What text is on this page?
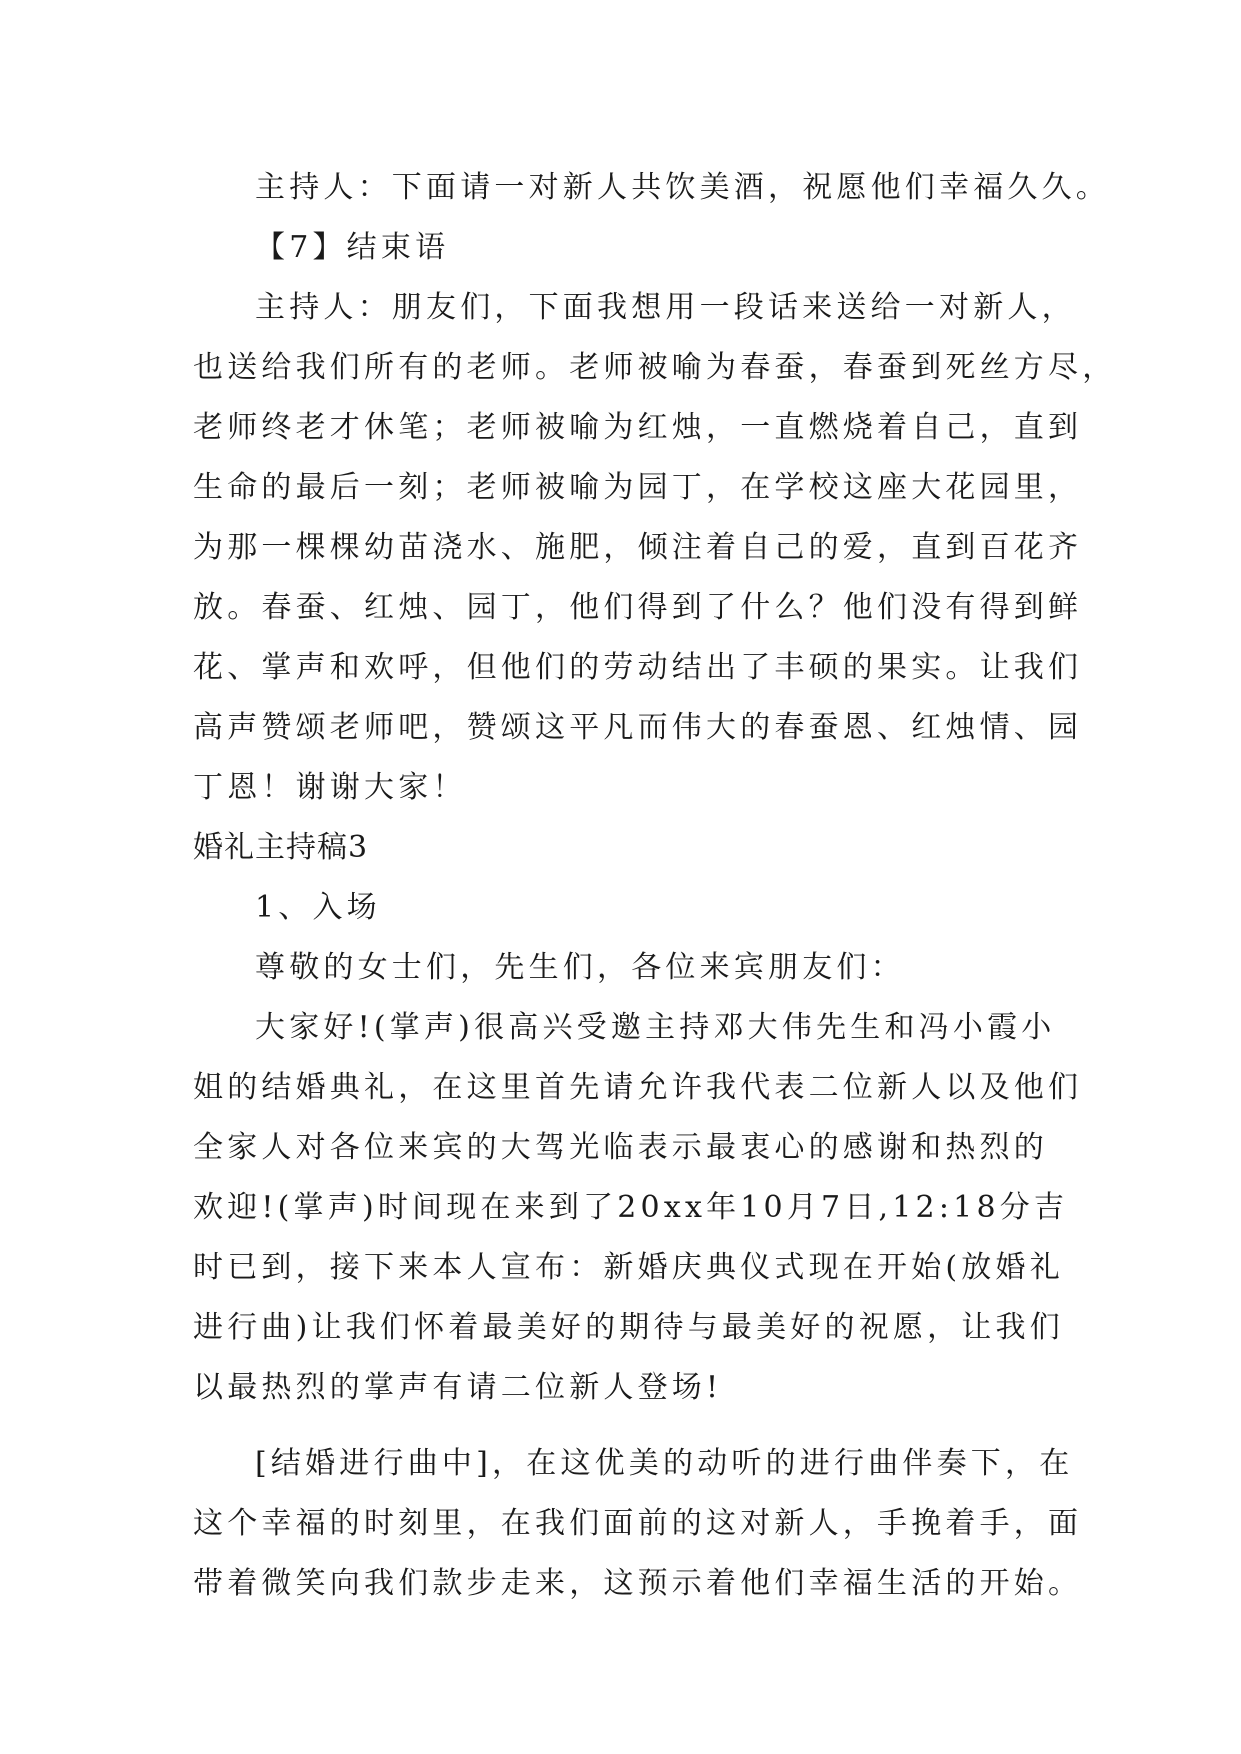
主持人：下面请一对新人共饮美酒，祝愿他们幸福久久。
【7】结束语
主持人：朋友们，下面我想用一段话来送给一对新人，
也送给我们所有的老师。老师被喻为春蚕，春蚕到死丝方尽，
老师终老才休笔；老师被喻为红烛，一直燃烧着自己，直到
生命的最后一刻；老师被喻为园丁，在学校这座大花园里，
为那一棵棵幼苗浇水、施肥，倾注着自己的爱，直到百花齐
放。春蚕、红烛、园丁，他们得到了什么？他们没有得到鲜
花、掌声和欢呼，但他们的劳动结出了丰硕的果实。让我们
高声赞颂老师吧，赞颂这平凡而伟大的春蚕恩、红烛情、园
丁恩！谢谢大家！
婚礼主持稿3
1、入场
尊敬的女士们，先生们，各位来宾朋友们：
大家好!(掌声)很高兴受邀主持邓大伟先生和冯小霞小
姐的结婚典礼，在这里首先请允许我代表二位新人以及他们
全家人对各位来宾的大驾光临表示最衷心的感谢和热烈的
欢迎!(掌声)时间现在来到了20xx年10月7日,12:18分吉
时已到，接下来本人宣布：新婚庆典仪式现在开始(放婚礼
进行曲)让我们怀着最美好的期待与最美好的祝愿，让我们
以最热烈的掌声有请二位新人登场!
[结婚进行曲中]，在这优美的动听的进行曲伴奏下，在
这个幸福的时刻里，在我们面前的这对新人，手挽着手，面
带着微笑向我们款步走来，这预示着他们幸福生活的开始。
